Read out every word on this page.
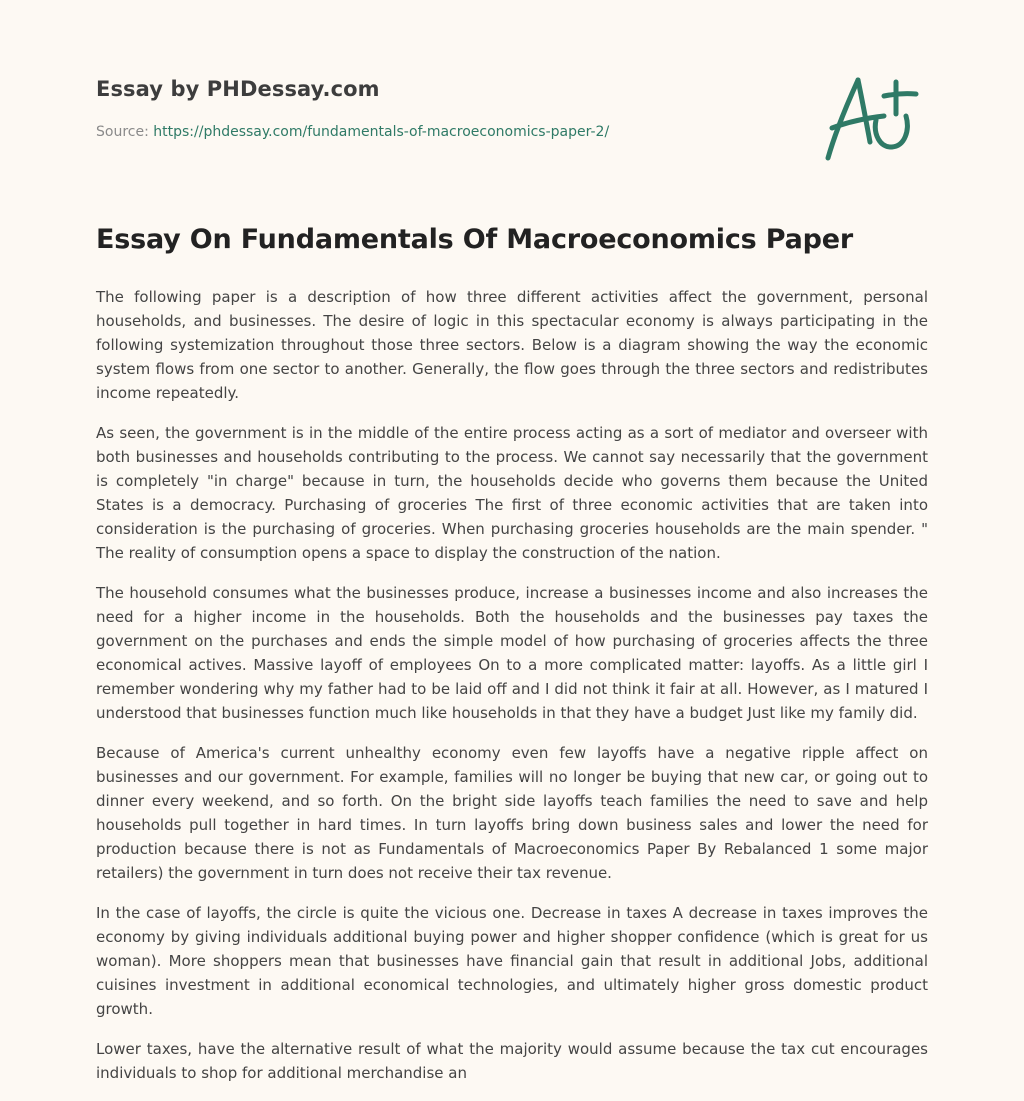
Essay by PHDessay.com
Source: https://phdessay.com/fundamentals-of-macroeconomics-paper-2/
Essay On Fundamentals Of Macroeconomics Paper

The following paper is a description of how three different activities affect the government, personal households, and businesses. The desire of logic in this spectacular economy is always participating in the following systemization throughout those three sectors. Below is a diagram showing the way the economic system flows from one sector to another. Generally, the flow goes through the three sectors and redistributes income repeatedly.

As seen, the government is in the middle of the entire process acting as a sort of mediator and overseer with both businesses and households contributing to the process. We cannot say necessarily that the government is completely "in charge" because in turn, the households decide who governs them because the United States is a democracy. Purchasing of groceries The first of three economic activities that are taken into consideration is the purchasing of groceries. When purchasing groceries households are the main spender. " The reality of consumption opens a space to display the construction of the nation.

The household consumes what the businesses produce, increase a businesses income and also increases the need for a higher income in the households. Both the households and the businesses pay taxes the government on the purchases and ends the simple model of how purchasing of groceries affects the three economical actives. Massive layoff of employees On to a more complicated matter: layoffs. As a little girl I remember wondering why my father had to be laid off and I did not think it fair at all. However, as I matured I understood that businesses function much like households in that they have a budget Just like my family did.

Because of America's current unhealthy economy even few layoffs have a negative ripple affect on businesses and our government. For example, families will no longer be buying that new car, or going out to dinner every weekend, and so forth. On the bright side layoffs teach families the need to save and help households pull together in hard times. In turn layoffs bring down business sales and lower the need for production because there is not as Fundamentals of Macroeconomics Paper By Rebalanced 1 some major retailers) the government in turn does not receive their tax revenue.

In the case of layoffs, the circle is quite the vicious one. Decrease in taxes A decrease in taxes improves the economy by giving individuals additional buying power and higher shopper confidence (which is great for us woman). More shoppers mean that businesses have financial gain that result in additional Jobs, additional cuisines investment in additional economical technologies, and ultimately higher gross domestic product growth.

Lower taxes, have the alternative result of what the majority would assume because the tax cut encourages individuals to shop for additional merchandise an
